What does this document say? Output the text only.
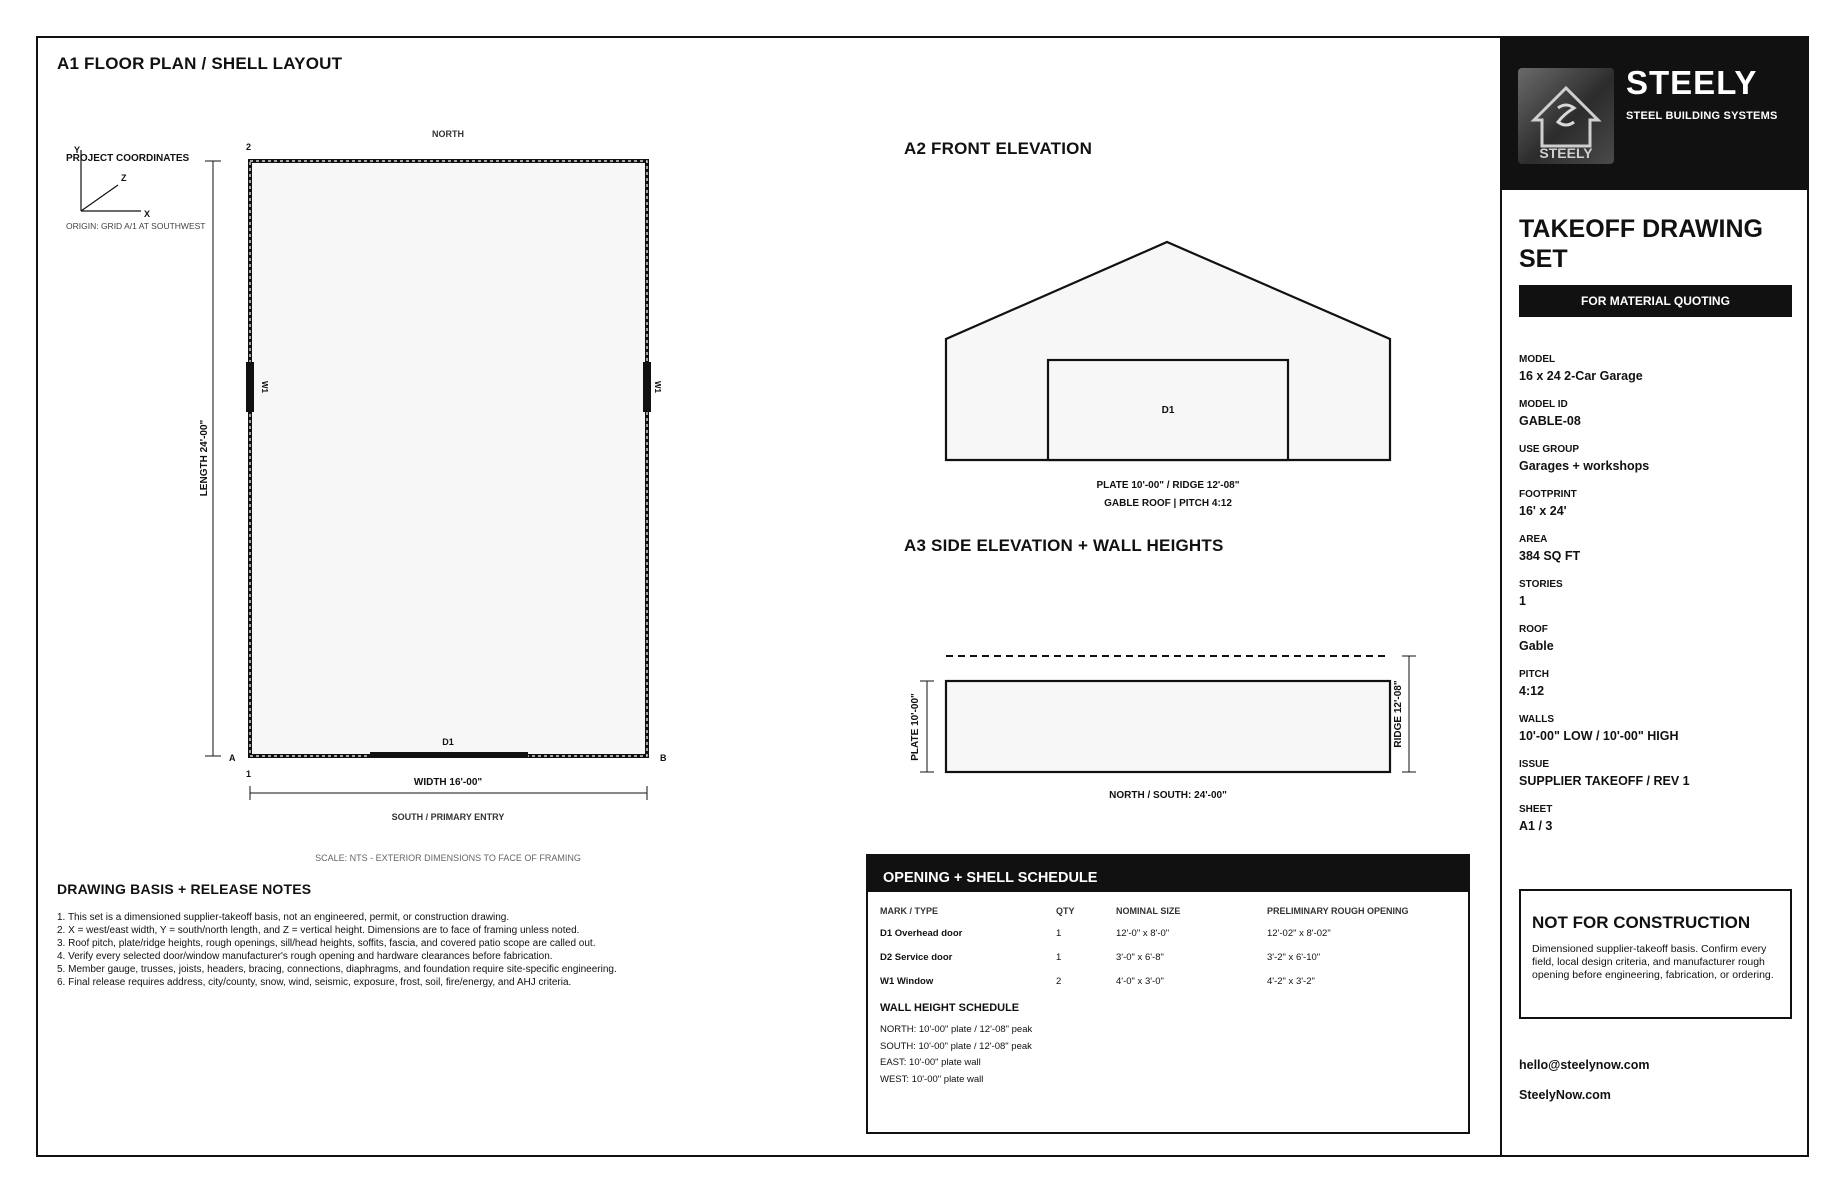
A1 FLOOR PLAN / SHELL LAYOUT
Y
Z
X
PROJECT COORDINATES
ORIGIN: GRID A/1 AT SOUTHWEST
NORTH
2
1
A	B
W1	W1
D1
LENGTH 24'-00"
WIDTH 16'-00"
SOUTH / PRIMARY ENTRY
SCALE: NTS - EXTERIOR DIMENSIONS TO FACE OF FRAMING
D1
PLATE 10'-00" / RIDGE 12'-08"
GABLE ROOF | PITCH 4:12
PLATE 10'-00"	RIDGE 12'-08"
NORTH / SOUTH: 24'-00"
A2 FRONT ELEVATION
A3 SIDE ELEVATION + WALL HEIGHTS
DRAWING BASIS + RELEASE NOTES
1. This set is a dimensioned supplier-takeoff basis, not an engineered, permit, or construction drawing.
2. X = west/east width, Y = south/north length, and Z = vertical height. Dimensions are to face of framing unless noted.
3. Roof pitch, plate/ridge heights, rough openings, sill/head heights, soffits, fascia, and covered patio scope are called out.
4. Verify every selected door/window manufacturer's rough opening and hardware clearances before fabrication.
5. Member gauge, trusses, joists, headers, bracing, connections, diaphragms, and foundation require site-specific engineering.
6. Final release requires address, city/county, snow, wind, seismic, exposure, frost, soil, fire/energy, and AHJ criteria.
OPENING + SHELL SCHEDULE
MARK / TYPE	QTY	NOMINAL SIZE	PRELIMINARY ROUGH OPENING
D1 Overhead door	1	12'-0" x 8'-0"	12'-02" x 8'-02"
D2 Service door	1	3'-0" x 6'-8"	3'-2" x 6'-10"
W1 Window	2	4'-0" x 3'-0"	4'-2" x 3'-2"
WALL HEIGHT SCHEDULE
NORTH: 10'-00" plate / 12'-08" peak
SOUTH: 10'-00" plate / 12'-08" peak
EAST: 10'-00" plate wall
WEST: 10'-00" plate wall
STEELY
STEELY
STEEL BUILDING SYSTEMS
TAKEOFF DRAWING SET
FOR MATERIAL QUOTING
MODEL
16 x 24 2-Car Garage
MODEL ID
GABLE-08
USE GROUP
Garages + workshops
FOOTPRINT
16' x 24'
AREA
384 SQ FT
STORIES
1
ROOF
Gable
PITCH
4:12
WALLS
10'-00" LOW / 10'-00" HIGH
ISSUE
SUPPLIER TAKEOFF / REV 1
SHEET
A1 / 3
NOT FOR CONSTRUCTION
Dimensioned supplier-takeoff basis. Confirm every field, local design criteria, and manufacturer rough opening before engineering, fabrication, or ordering.
hello@steelynow.com
SteelyNow.com
